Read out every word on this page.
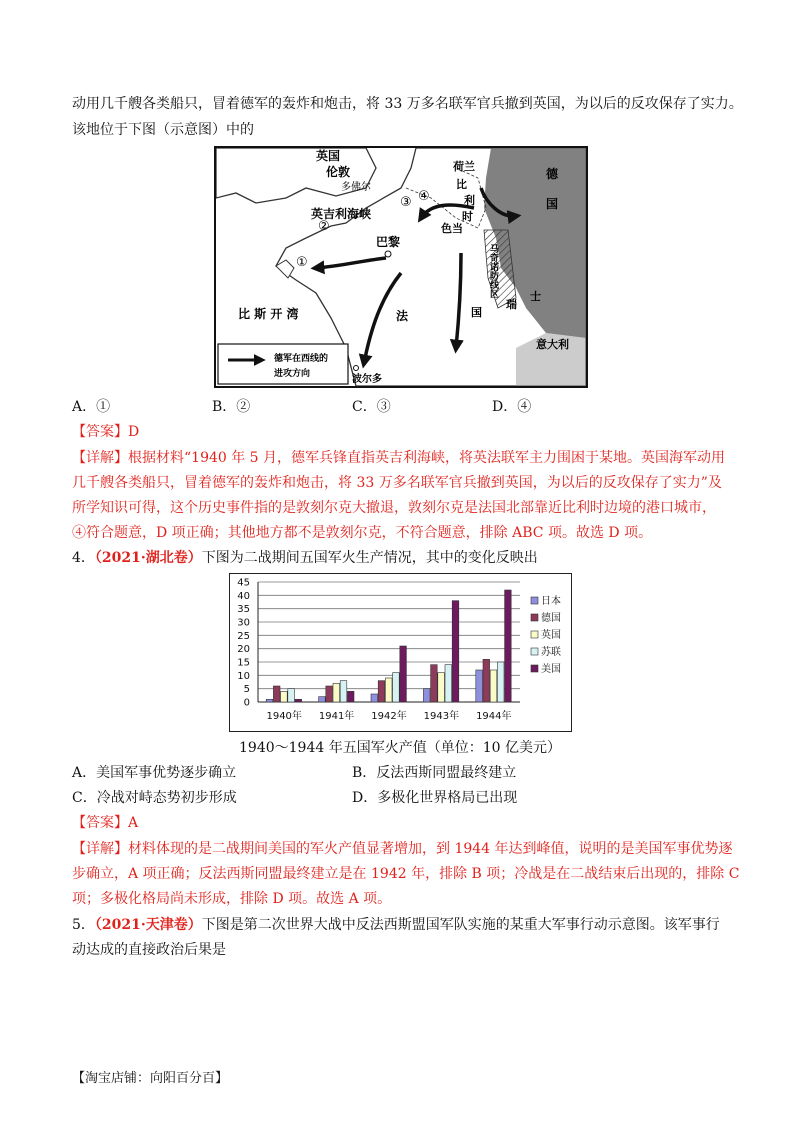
动用几千艘各类船只，冒着德军的轰炸和炮击，将 33 万多名联军官兵撤到英国，为以后的反攻保存了实力。
该地位于下图（示意图）中的
英国
伦敦
多佛尔
英吉利海峡
荷兰
比
利
时
德
国
巴黎
色当
瑞
士
比 斯 开 湾	法	国
意大利
波尔多
德军在西线的
进攻方向
①
②
③ ④
马奇诺防线区
A．①	B．②	C．③	D．④
【答案】D
【详解】根据材料“1940 年 5 月，德军兵锋直指英吉利海峡，将英法联军主力围困于某地。英国海军动用
几千艘各类船只，冒着德军的轰炸和炮击，将 33 万多名联军官兵撤到英国，为以后的反攻保存了实力”及
所学知识可得，这个历史事件指的是敦刻尔克大撤退，敦刻尔克是法国北部靠近比利时边境的港口城市，
④符合题意，D 项正确；其他地方都不是敦刻尔克，不符合题意，排除 ABC 项。故选 D 项。
4．（2021·湖北卷）下图为二战期间五国军火生产情况，其中的变化反映出
0
5
10
15
20
25
30
35
40
45
1940年 1941年 1942年 1943年 1944年
日本
德国
英国
苏联
美国
1940～1944 年五国军火产值（单位：10 亿美元）
A．美国军事优势逐步确立	B．反法西斯同盟最终建立
C．冷战对峙态势初步形成	D．多极化世界格局已出现
【答案】A
【详解】材料体现的是二战期间美国的军火产值显著增加，到 1944 年达到峰值，说明的是美国军事优势逐
步确立，A 项正确；反法西斯同盟最终建立是在 1942 年，排除 B 项；冷战是在二战结束后出现的，排除 C
项；多极化格局尚未形成，排除 D 项。故选 A 项。
5．（2021·天津卷）下图是第二次世界大战中反法西斯盟国军队实施的某重大军事行动示意图。该军事行
动达成的直接政治后果是
【淘宝店铺：向阳百分百】
